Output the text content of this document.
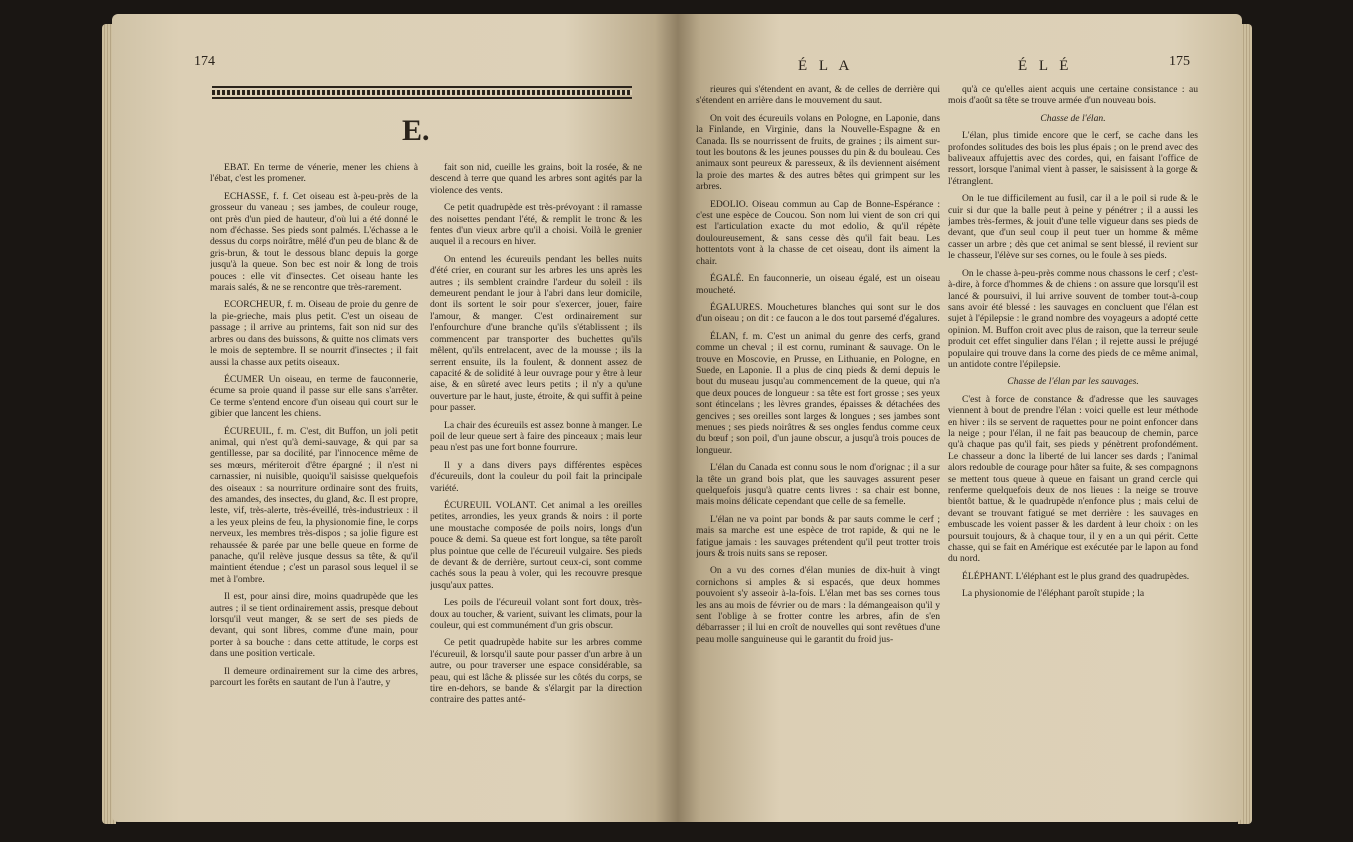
174
E.

EBAT. En terme de vénerie, mener les chiens à l'ébat, c'est les promener.

ECHASSE, f. f. Cet oiseau est à-peu-près de la grosseur du vaneau ; ses jambes, de couleur rouge, ont près d'un pied de hauteur, d'où lui a été donné le nom d'échasse. Ses pieds sont palmés. L'échasse a le dessus du corps noirâtre, mêlé d'un peu de blanc & de gris-brun, & tout le dessous blanc depuis la gorge jusqu'à la queue. Son bec est noir & long de trois pouces : elle vit d'insectes. Cet oiseau hante les marais salés, & ne se rencontre que très-rarement.

ECORCHEUR, f. m. Oiseau de proie du genre de la pie-grieche, mais plus petit. C'est un oiseau de passage ; il arrive au printems, fait son nid sur des arbres ou dans des buissons, & quitte nos climats vers le mois de septembre. Il se nourrit d'insectes ; il fait aussi la chasse aux petits oiseaux.

ÉCUMER Un oiseau, en terme de fauconnerie, écume sa proie quand il passe sur elle sans s'arrêter. Ce terme s'entend encore d'un oiseau qui court sur le gibier que lancent les chiens.

ÉCUREUIL, f. m. C'est, dit Buffon, un joli petit animal, qui n'est qu'à demi-sauvage, & qui par sa gentillesse, par sa docilité, par l'innocence même de ses mœurs, mériteroit d'être épargné ; il n'est ni carnassier, ni nuisible, quoiqu'il saisisse quelquefois des oiseaux : sa nourriture ordinaire sont des fruits, des amandes, des insectes, du gland, &c. Il est propre, leste, vif, très-alerte, très-éveillé, très-industrieux : il a les yeux pleins de feu, la physionomie fine, le corps nerveux, les membres très-dispos ; sa jolie figure est rehaussée & parée par une belle queue en forme de panache, qu'il relève jusque dessus sa tête, & qu'il maintient étendue ; c'est un parasol sous lequel il se met à l'ombre.

Il est, pour ainsi dire, moins quadrupède que les autres ; il se tient ordinairement assis, presque debout lorsqu'il veut manger, & se sert de ses pieds de devant, qui sont libres, comme d'une main, pour porter à sa bouche : dans cette attitude, le corps est dans une position verticale.

Il demeure ordinairement sur la cime des arbres, parcourt les forêts en sautant de l'un à l'autre, y

fait son nid, cueille les grains, boit la rosée, & ne descend à terre que quand les arbres sont agités par la violence des vents.

Ce petit quadrupède est très-prévoyant : il ramasse des noisettes pendant l'été, & remplit le tronc & les fentes d'un vieux arbre qu'il a choisi. Voilà le grenier auquel il a recours en hiver.

On entend les écureuils pendant les belles nuits d'été crier, en courant sur les arbres les uns après les autres ; ils semblent craindre l'ardeur du soleil : ils demeurent pendant le jour à l'abri dans leur domicile, dont ils sortent le soir pour s'exercer, jouer, faire l'amour, & manger. C'est ordinairement sur l'enfourchure d'une branche qu'ils s'établissent ; ils commencent par transporter des buchettes qu'ils mêlent, qu'ils entrelacent, avec de la mousse ; ils la serrent ensuite, ils la foulent, & donnent assez de capacité & de solidité à leur ouvrage pour y être à leur aise, & en sûreté avec leurs petits ; il n'y a qu'une ouverture par le haut, juste, étroite, & qui suffit à peine pour passer.

La chair des écureuils est assez bonne à manger. Le poil de leur queue sert à faire des pinceaux ; mais leur peau n'est pas une fort bonne fourrure.

Il y a dans divers pays différentes espèces d'écureuils, dont la couleur du poil fait la principale variété.

ÉCUREUIL VOLANT. Cet animal a les oreilles petites, arrondies, les yeux grands & noirs : il porte une moustache composée de poils noirs, longs d'un pouce & demi. Sa queue est fort longue, sa tête paroît plus pointue que celle de l'écureuil vulgaire. Ses pieds de devant & de derrière, surtout ceux-ci, sont comme cachés sous la peau à voler, qui les recouvre presque jusqu'aux pattes.

Les poils de l'écureuil volant sont fort doux, très-doux au toucher, & varient, suivant les climats, pour la couleur, qui est communément d'un gris obscur.

Ce petit quadrupède habite sur les arbres comme l'écureuil, & lorsqu'il saute pour passer d'un arbre à un autre, ou pour traverser une espace considérable, sa peau, qui est lâche & plissée sur les côtés du corps, se tire en-dehors, se bande & s'élargit par la direction contraire des pattes anté-

É L A	É L É	175

rieures qui s'étendent en avant, & de celles de derrière qui s'étendent en arrière dans le mouvement du saut.

On voit des écureuils volans en Pologne, en Laponie, dans la Finlande, en Virginie, dans la Nouvelle-Espagne & en Canada. Ils se nourrissent de fruits, de graines ; ils aiment sur-tout les boutons & les jeunes pousses du pin & du bouleau. Ces animaux sont peureux & paresseux, & ils deviennent aisément la proie des martes & des autres bêtes qui grimpent sur les arbres.

EDOLIO. Oiseau commun au Cap de Bonne-Espérance : c'est une espèce de Coucou. Son nom lui vient de son cri qui est l'articulation exacte du mot edolio, & qu'il répète douloureusement, & sans cesse dès qu'il fait beau. Les hottentots vont à la chasse de cet oiseau, dont ils aiment la chair.

ÉGALÉ. En fauconnerie, un oiseau égalé, est un oiseau moucheté.

ÉGALURES. Mouchetures blanches qui sont sur le dos d'un oiseau ; on dit : ce faucon a le dos tout parsemé d'égalures.

ÉLAN, f. m. C'est un animal du genre des cerfs, grand comme un cheval ; il est cornu, ruminant & sauvage. On le trouve en Moscovie, en Prusse, en Lithuanie, en Pologne, en Suede, en Laponie. Il a plus de cinq pieds & demi depuis le bout du museau jusqu'au commencement de la queue, qui n'a que deux pouces de longueur : sa tête est fort grosse ; ses yeux sont étincelans ; les lèvres grandes, épaisses & détachées des gencives ; ses oreilles sont larges & longues ; ses jambes sont menues ; ses pieds noirâtres & ses ongles fendus comme ceux du bœuf ; son poil, d'un jaune obscur, a jusqu'à trois pouces de longueur.

L'élan du Canada est connu sous le nom d'orignac ; il a sur la tête un grand bois plat, que les sauvages assurent peser quelquefois jusqu'à quatre cents livres : sa chair est bonne, mais moins délicate cependant que celle de sa femelle.

L'élan ne va point par bonds & par sauts comme le cerf ; mais sa marche est une espèce de trot rapide, & qui ne le fatigue jamais : les sauvages prétendent qu'il peut trotter trois jours & trois nuits sans se reposer.

On a vu des cornes d'élan munies de dix-huit à vingt cornichons si amples & si espacés, que deux hommes pouvoient s'y asseoir à-la-fois. L'élan met bas ses cornes tous les ans au mois de février ou de mars : la démangeaison qu'il y sent l'oblige à se frotter contre les arbres, afin de s'en débarrasser ; il lui en croît de nouvelles qui sont revêtues d'une peau molle sanguineuse qui le garantit du froid jus-

qu'à ce qu'elles aient acquis une certaine consistance : au mois d'août sa tête se trouve armée d'un nouveau bois.

Chasse de l'élan.

L'élan, plus timide encore que le cerf, se cache dans les profondes solitudes des bois les plus épais ; on le prend avec des baliveaux affujettis avec des cordes, qui, en faisant l'office de ressort, lorsque l'animal vient à passer, le saisissent à la gorge & l'étranglent.

On le tue difficilement au fusil, car il a le poil si rude & le cuir si dur que la balle peut à peine y pénétrer ; il a aussi les jambes très-fermes, & jouit d'une telle vigueur dans ses pieds de devant, que d'un seul coup il peut tuer un homme & même casser un arbre ; dès que cet animal se sent blessé, il revient sur le chasseur, l'élève sur ses cornes, ou le foule à ses pieds.

On le chasse à-peu-près comme nous chassons le cerf ; c'est-à-dire, à force d'hommes & de chiens : on assure que lorsqu'il est lancé & poursuivi, il lui arrive souvent de tomber tout-à-coup sans avoir été blessé : les sauvages en concluent que l'élan est sujet à l'épilepsie : le grand nombre des voyageurs a adopté cette opinion. M. Buffon croit avec plus de raison, que la terreur seule produit cet effet singulier dans l'élan ; il rejette aussi le préjugé populaire qui trouve dans la corne des pieds de ce même animal, un antidote contre l'épilepsie.

Chasse de l'élan par les sauvages.

C'est à force de constance & d'adresse que les sauvages viennent à bout de prendre l'élan : voici quelle est leur méthode en hiver : ils se servent de raquettes pour ne point enfoncer dans la neige ; pour l'élan, il ne fait pas beaucoup de chemin, parce qu'à chaque pas qu'il fait, ses pieds y pénètrent profondément. Le chasseur a donc la liberté de lui lancer ses dards ; l'animal alors redouble de courage pour hâter sa fuite, & ses compagnons se mettent tous queue à queue en faisant un grand cercle qui renferme quelquefois deux de nos lieues : la neige se trouve bientôt battue, & le quadrupède n'enfonce plus ; mais celui de devant se trouvant fatigué se met derrière : les sauvages en embuscade les voient passer & les dardent à leur choix : on les poursuit toujours, & à chaque tour, il y en a un qui périt. Cette chasse, qui se fait en Amérique est exécutée par le lapon au fond du nord.

ÉLÉPHANT. L'éléphant est le plus grand des quadrupèdes.

La physionomie de l'éléphant paroît stupide ; la
